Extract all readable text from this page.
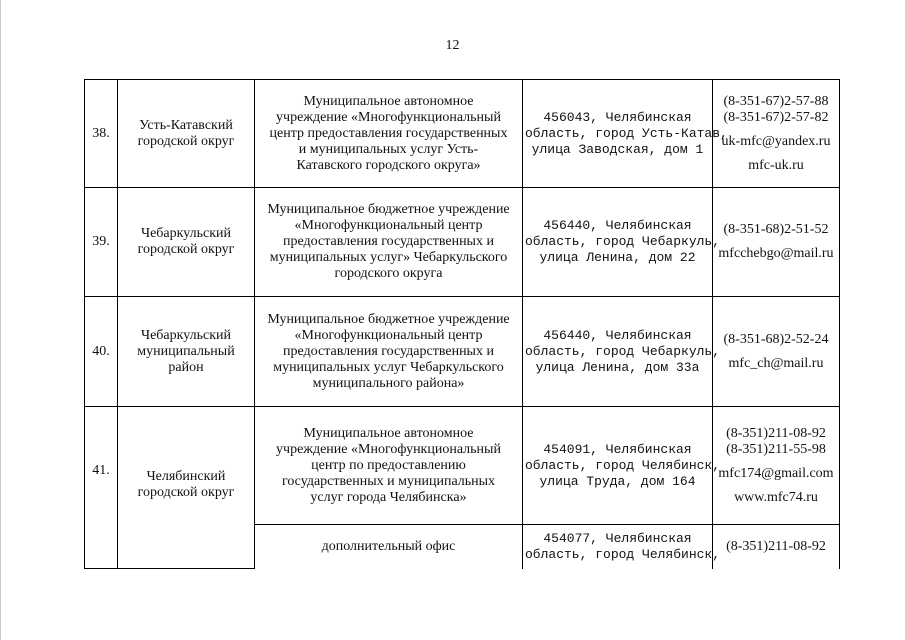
12
38.	Усть-Катавский
городской округ	Муниципальное автономное
учреждение «Многофункциональный
центр предоставления государственных
и муниципальных услуг Усть-
Катавского городского округа»	456043, Челябинская
область, город Усть-Катав,
улица Заводская, дом 1	(8-351-67)2-57-88
(8-351-67)2-57-82
uk-mfc@yandex.ru
mfc-uk.ru

39.	Чебаркульский
городской округ	Муниципальное бюджетное учреждение
«Многофункциональный центр
предоставления государственных и
муниципальных услуг» Чебаркульского
городского округа	456440, Челябинская
область, город Чебаркуль,
улица Ленина, дом 22	(8-351-68)2-51-52
mfcchebgo@mail.ru

40.	Чебаркульский
муниципальный
район	Муниципальное бюджетное учреждение
«Многофункциональный центр
предоставления государственных и
муниципальных услуг Чебаркульского
муниципального района»	456440, Челябинская
область, город Чебаркуль,
улица Ленина, дом 33а	(8-351-68)2-52-24
mfc_ch@mail.ru

41.	Челябинский
городской округ	Муниципальное автономное
учреждение «Многофункциональный
центр по предоставлению
государственных и муниципальных
услуг города Челябинска»	454091, Челябинская
область, город Челябинск,
улица Труда, дом 164	(8-351)211-08-92
(8-351)211-55-98
mfc174@gmail.com
www.mfc74.ru

		дополнительный офис	454077, Челябинская
область, город Челябинск,	(8-351)211-08-92
